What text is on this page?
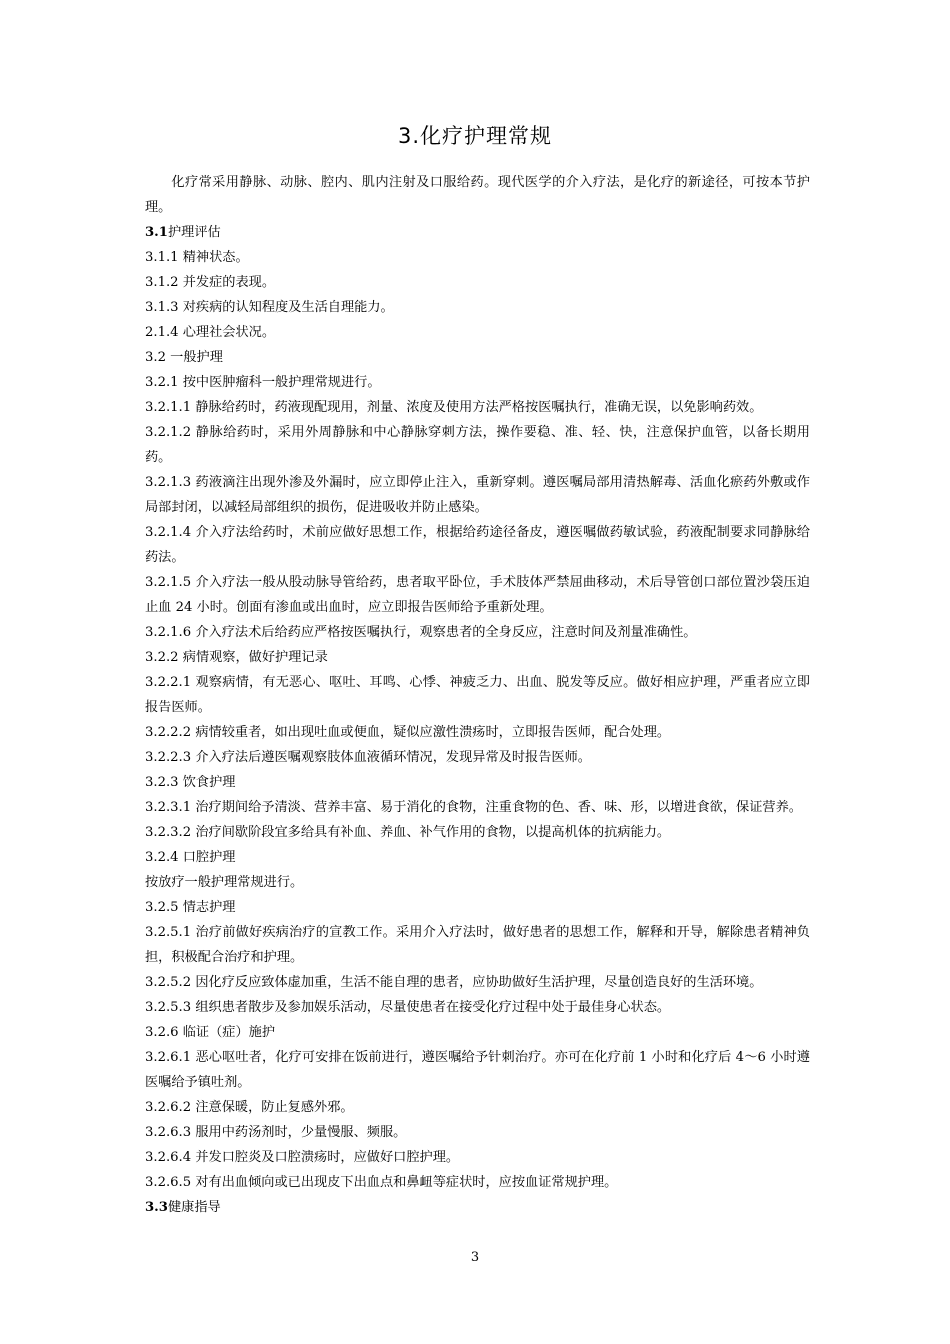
3.化疗护理常规

化疗常采用静脉、动脉、腔内、肌内注射及口服给药。现代医学的介入疗法，是化疗的新途径，可按本节护理。

3.1护理评估

3.1.1 精神状态。

3.1.2 并发症的表现。

3.1.3 对疾病的认知程度及生活自理能力。

2.1.4 心理社会状况。

3.2 一般护理

3.2.1 按中医肿瘤科一般护理常规进行。

3.2.1.1 静脉给药时，药液现配现用，剂量、浓度及使用方法严格按医嘱执行，准确无误，以免影响药效。

3.2.1.2 静脉给药时，采用外周静脉和中心静脉穿刺方法，操作要稳、准、轻、快，注意保护血管，以备长期用药。

3.2.1.3 药液滴注出现外渗及外漏时，应立即停止注入，重新穿刺。遵医嘱局部用清热解毒、活血化瘀药外敷或作局部封闭，以减轻局部组织的损伤，促进吸收并防止感染。

3.2.1.4 介入疗法给药时，术前应做好思想工作，根据给药途径备皮，遵医嘱做药敏试验，药液配制要求同静脉给药法。

3.2.1.5 介入疗法一般从股动脉导管给药，患者取平卧位，手术肢体严禁屈曲移动，术后导管创口部位置沙袋压迫止血 24 小时。创面有渗血或出血时，应立即报告医师给予重新处理。

3.2.1.6 介入疗法术后给药应严格按医嘱执行，观察患者的全身反应，注意时间及剂量准确性。

3.2.2 病情观察，做好护理记录

3.2.2.1 观察病情，有无恶心、呕吐、耳鸣、心悸、神疲乏力、出血、脱发等反应。做好相应护理，严重者应立即报告医师。

3.2.2.2 病情较重者，如出现吐血或便血，疑似应激性溃疡时，立即报告医师，配合处理。

3.2.2.3 介入疗法后遵医嘱观察肢体血液循环情况，发现异常及时报告医师。

3.2.3 饮食护理

3.2.3.1 治疗期间给予清淡、营养丰富、易于消化的食物，注重食物的色、香、味、形，以增进食欲，保证营养。

3.2.3.2 治疗间歇阶段宜多给具有补血、养血、补气作用的食物，以提高机体的抗病能力。

3.2.4 口腔护理

按放疗一般护理常规进行。

3.2.5 情志护理

3.2.5.1 治疗前做好疾病治疗的宣教工作。采用介入疗法时，做好患者的思想工作，解释和开导，解除患者精神负担，积极配合治疗和护理。

3.2.5.2 因化疗反应致体虚加重，生活不能自理的患者，应协助做好生活护理，尽量创造良好的生活环境。

3.2.5.3 组织患者散步及参加娱乐活动，尽量使患者在接受化疗过程中处于最佳身心状态。

3.2.6 临证（症）施护

3.2.6.1 恶心呕吐者，化疗可安排在饭前进行，遵医嘱给予针刺治疗。亦可在化疗前 1 小时和化疗后 4～6 小时遵医嘱给予镇吐剂。

3.2.6.2 注意保暖，防止复感外邪。

3.2.6.3 服用中药汤剂时，少量慢服、频服。

3.2.6.4 并发口腔炎及口腔溃疡时，应做好口腔护理。

3.2.6.5 对有出血倾向或已出现皮下出血点和鼻衄等症状时，应按血证常规护理。

3.3健康指导

3
